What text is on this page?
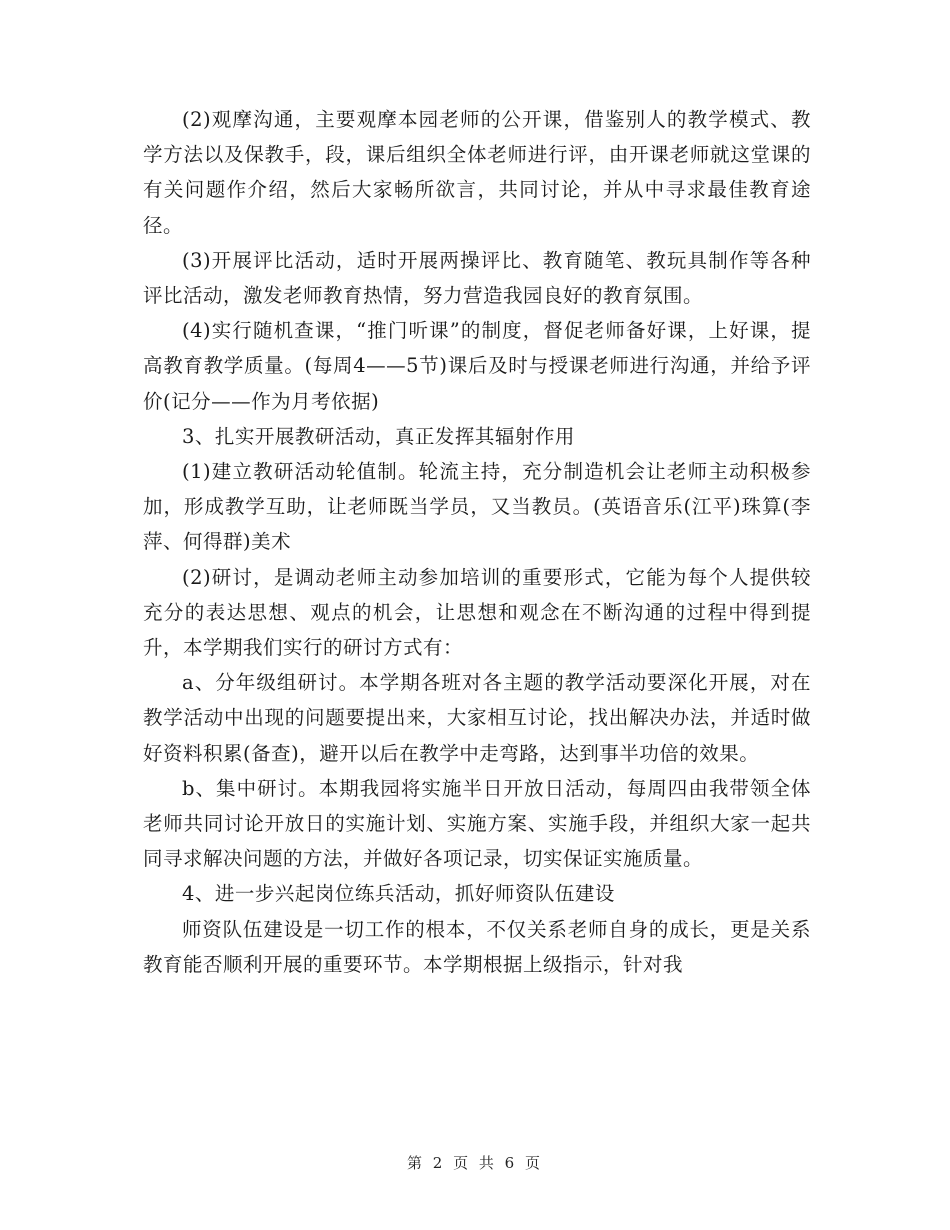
(2)观摩沟通，主要观摩本园老师的公开课，借鉴别人的教学模式、教学方法以及保教手，段，课后组织全体老师进行评，由开课老师就这堂课的有关问题作介绍，然后大家畅所欲言，共同讨论，并从中寻求最佳教育途径。

(3)开展评比活动，适时开展两操评比、教育随笔、教玩具制作等各种评比活动，激发老师教育热情，努力营造我园良好的教育氛围。

(4)实行随机查课，“推门听课”的制度，督促老师备好课，上好课，提高教育教学质量。(每周4——5节)课后及时与授课老师进行沟通，并给予评价(记分——作为月考依据)

3、扎实开展教研活动，真正发挥其辐射作用

(1)建立教研活动轮值制。轮流主持，充分制造机会让老师主动积极参加，形成教学互助，让老师既当学员，又当教员。(英语音乐(江平)珠算(李萍、何得群)美术

(2)研讨，是调动老师主动参加培训的重要形式，它能为每个人提供较充分的表达思想、观点的机会，让思想和观念在不断沟通的过程中得到提升，本学期我们实行的研讨方式有：

a、分年级组研讨。本学期各班对各主题的教学活动要深化开展，对在教学活动中出现的问题要提出来，大家相互讨论，找出解决办法，并适时做好资料积累(备查)，避开以后在教学中走弯路，达到事半功倍的效果。

b、集中研讨。本期我园将实施半日开放日活动，每周四由我带领全体老师共同讨论开放日的实施计划、实施方案、实施手段，并组织大家一起共同寻求解决问题的方法，并做好各项记录，切实保证实施质量。

4、进一步兴起岗位练兵活动，抓好师资队伍建设

师资队伍建设是一切工作的根本，不仅关系老师自身的成长，更是关系教育能否顺利开展的重要环节。本学期根据上级指示，针对我

第 2 页 共 6 页
